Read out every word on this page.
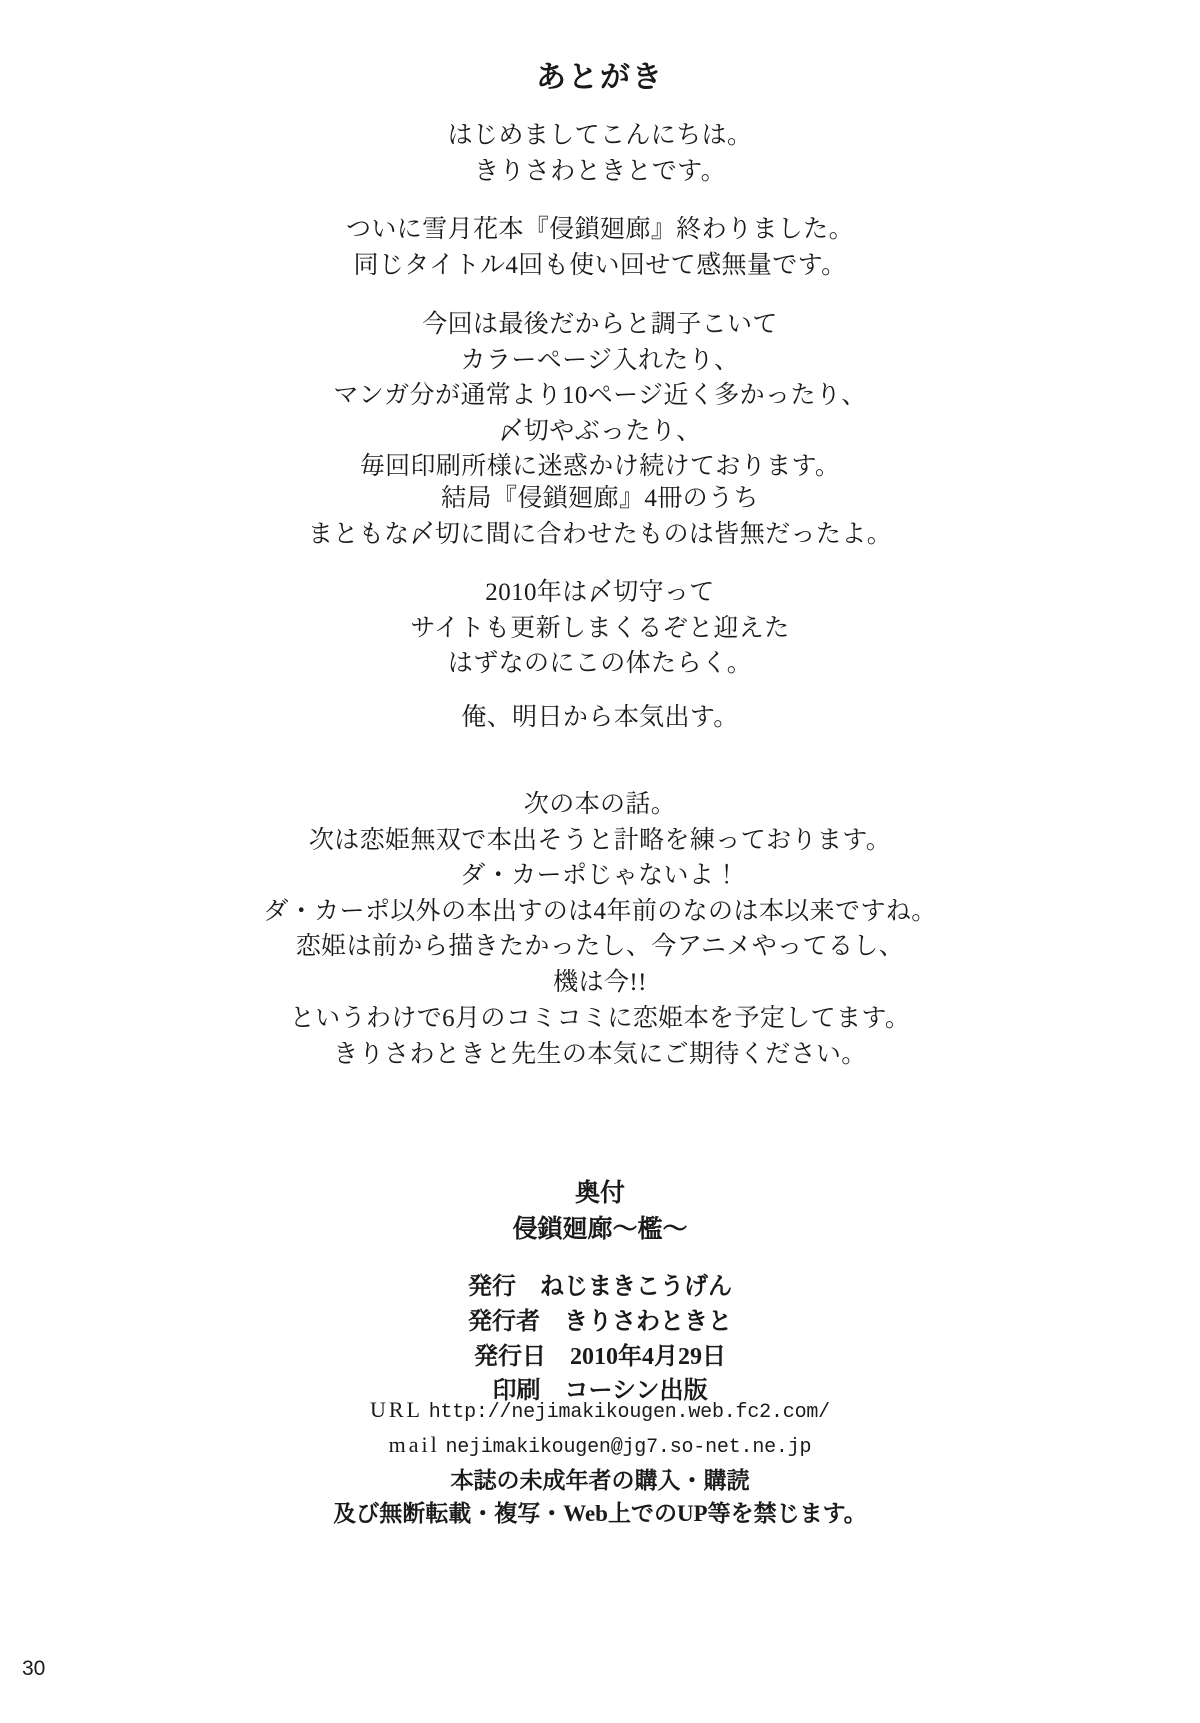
あとがき

はじめましてこんにちは。

きりさわときとです。

ついに雪月花本『侵鎖廻廊』終わりました。

同じタイトル4回も使い回せて感無量です。

今回は最後だからと調子こいて

カラーページ入れたり、

マンガ分が通常より10ページ近く多かったり、

〆切やぶったり、

毎回印刷所様に迷惑かけ続けております。

結局『侵鎖廻廊』4冊のうち

まともな〆切に間に合わせたものは皆無だったよ。

2010年は〆切守って

サイトも更新しまくるぞと迎えた

はずなのにこの体たらく。

俺、明日から本気出す。

次の本の話。

次は恋姫無双で本出そうと計略を練っております。

ダ・カーポじゃないよ！

ダ・カーポ以外の本出すのは4年前のなのは本以来ですね。

恋姫は前から描きたかったし、今アニメやってるし、

機は今!!

というわけで6月のコミコミに恋姫本を予定してます。

きりさわときと先生の本気にご期待ください。

奥付
侵鎖廻廊〜檻〜

発行　ねじまきこうげん

発行者　きりさわときと

発行日　2010年4月29日

印刷　コーシン出版

URL http://nejimakikougen.web.fc2.com/
mail nejimakikougen@jg7.so-net.ne.jp

本誌の未成年者の購入・購読

及び無断転載・複写・Web上でのUP等を禁じます。

30
